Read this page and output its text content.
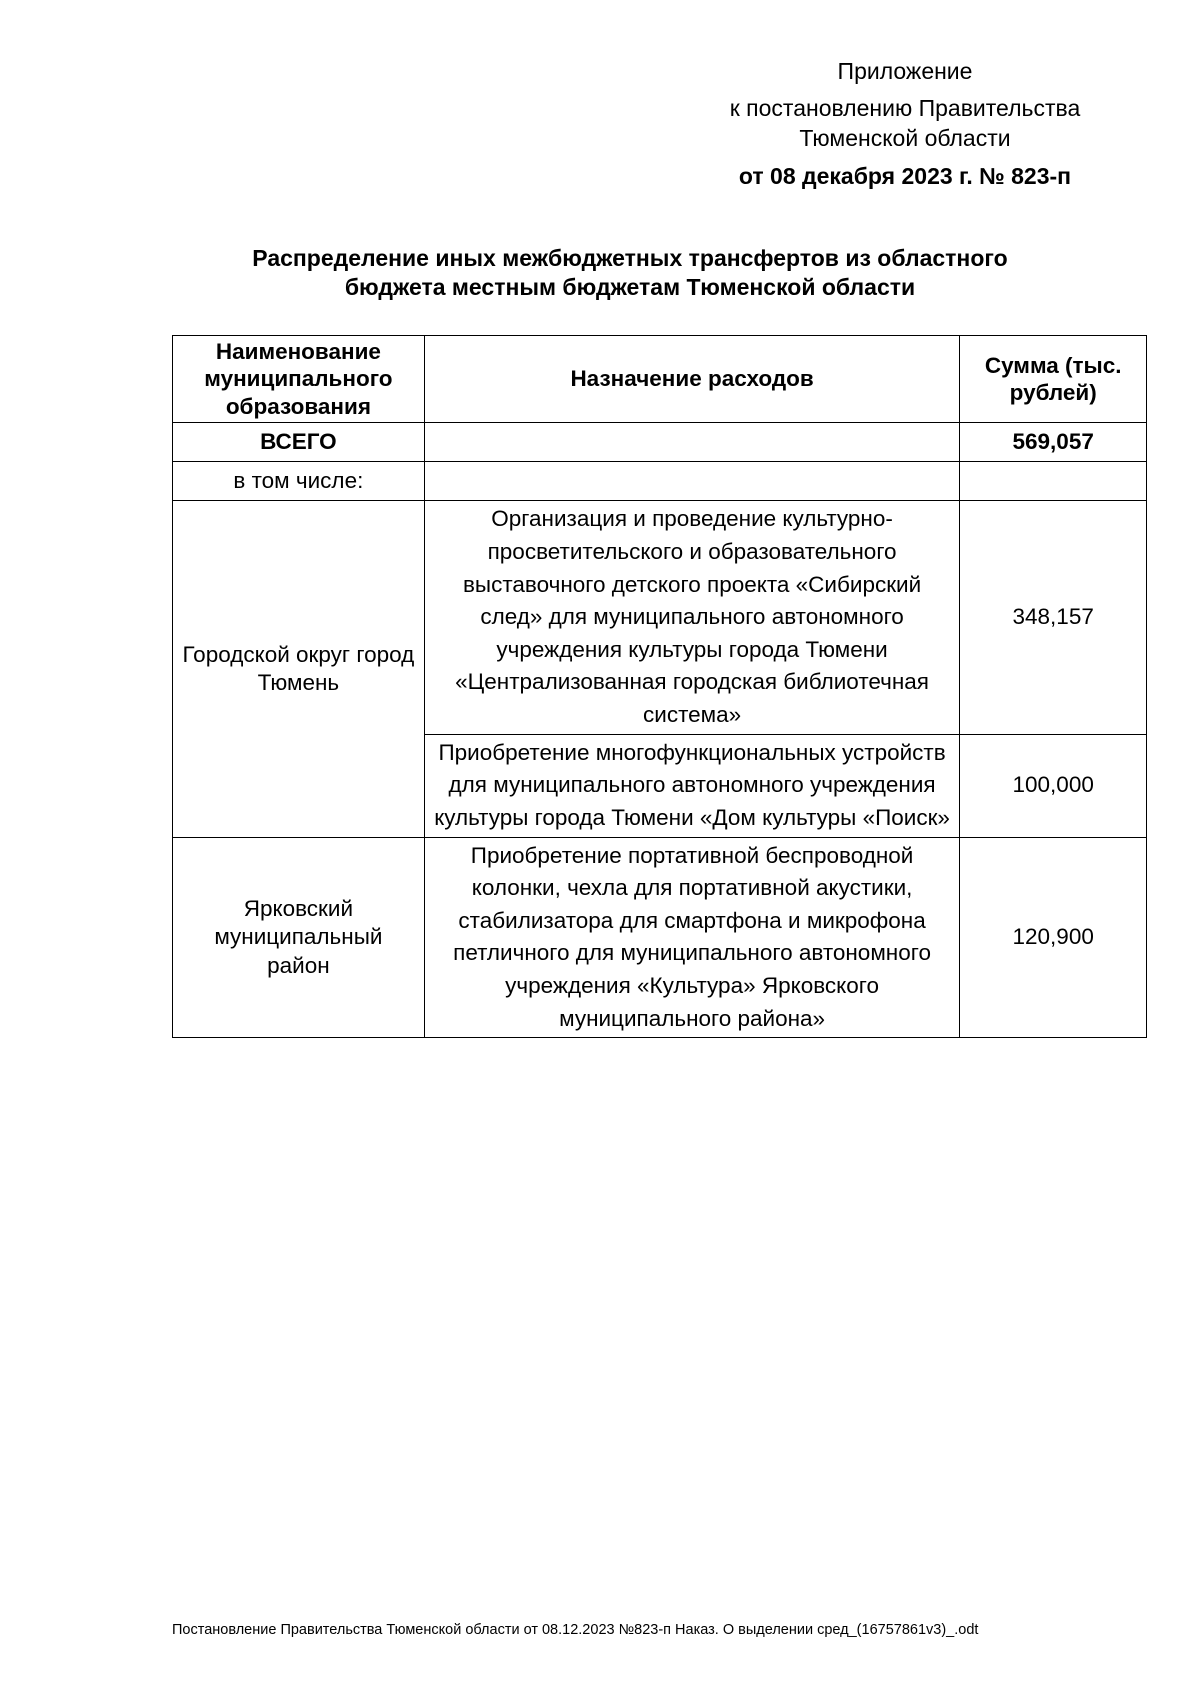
Приложение
к постановлению Правительства
Тюменской области
от 08 декабря 2023 г. № 823-п
Распределение иных межбюджетных трансфертов из областного
бюджета местным бюджетам Тюменской области
Наименование муниципального образования	Назначение расходов	Сумма (тыс. рублей)
ВСЕГО		569,057
в том числе:		
Городской округ город Тюмень	Организация и проведение культурно-просветительского и образовательного выставочного детского проекта «Сибирский след» для муниципального автономного учреждения культуры города Тюмени «Централизованная городская библиотечная система»	348,157
	Приобретение многофункциональных устройств для муниципального автономного учреждения культуры города Тюмени «Дом культуры «Поиск»	100,000
Ярковский муниципальный район	Приобретение портативной беспроводной колонки, чехла для портативной акустики, стабилизатора для смартфона и микрофона петличного для муниципального автономного учреждения «Культура» Ярковского муниципального района»	120,900
Постановление Правительства Тюменской области от 08.12.2023 №823-п Наказ. О выделении сред_(16757861v3)_.odt
